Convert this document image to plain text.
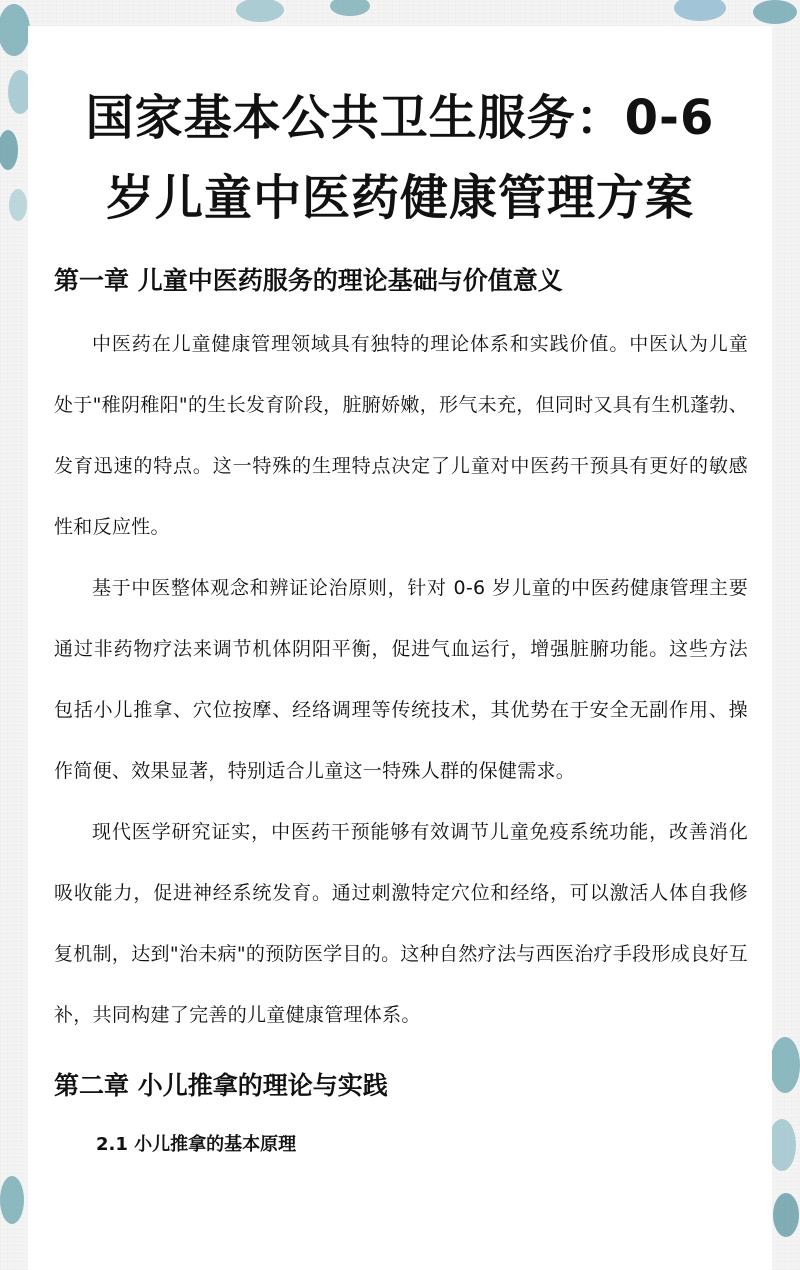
国家基本公共卫生服务：0-6
岁儿童中医药健康管理方案
第一章 儿童中医药服务的理论基础与价值意义

中医药在儿童健康管理领域具有独特的理论体系和实践价值。中医认为儿童处于"稚阴稚阳"的生长发育阶段，脏腑娇嫩，形气未充，但同时又具有生机蓬勃、发育迅速的特点。这一特殊的生理特点决定了儿童对中医药干预具有更好的敏感性和反应性。

基于中医整体观念和辨证论治原则，针对 0-6 岁儿童的中医药健康管理主要通过非药物疗法来调节机体阴阳平衡，促进气血运行，增强脏腑功能。这些方法包括小儿推拿、穴位按摩、经络调理等传统技术，其优势在于安全无副作用、操作简便、效果显著，特别适合儿童这一特殊人群的保健需求。

现代医学研究证实，中医药干预能够有效调节儿童免疫系统功能，改善消化吸收能力，促进神经系统发育。通过刺激特定穴位和经络，可以激活人体自我修复机制，达到"治未病"的预防医学目的。这种自然疗法与西医治疗手段形成良好互补，共同构建了完善的儿童健康管理体系。

第二章 小儿推拿的理论与实践
2.1 小儿推拿的基本原理
